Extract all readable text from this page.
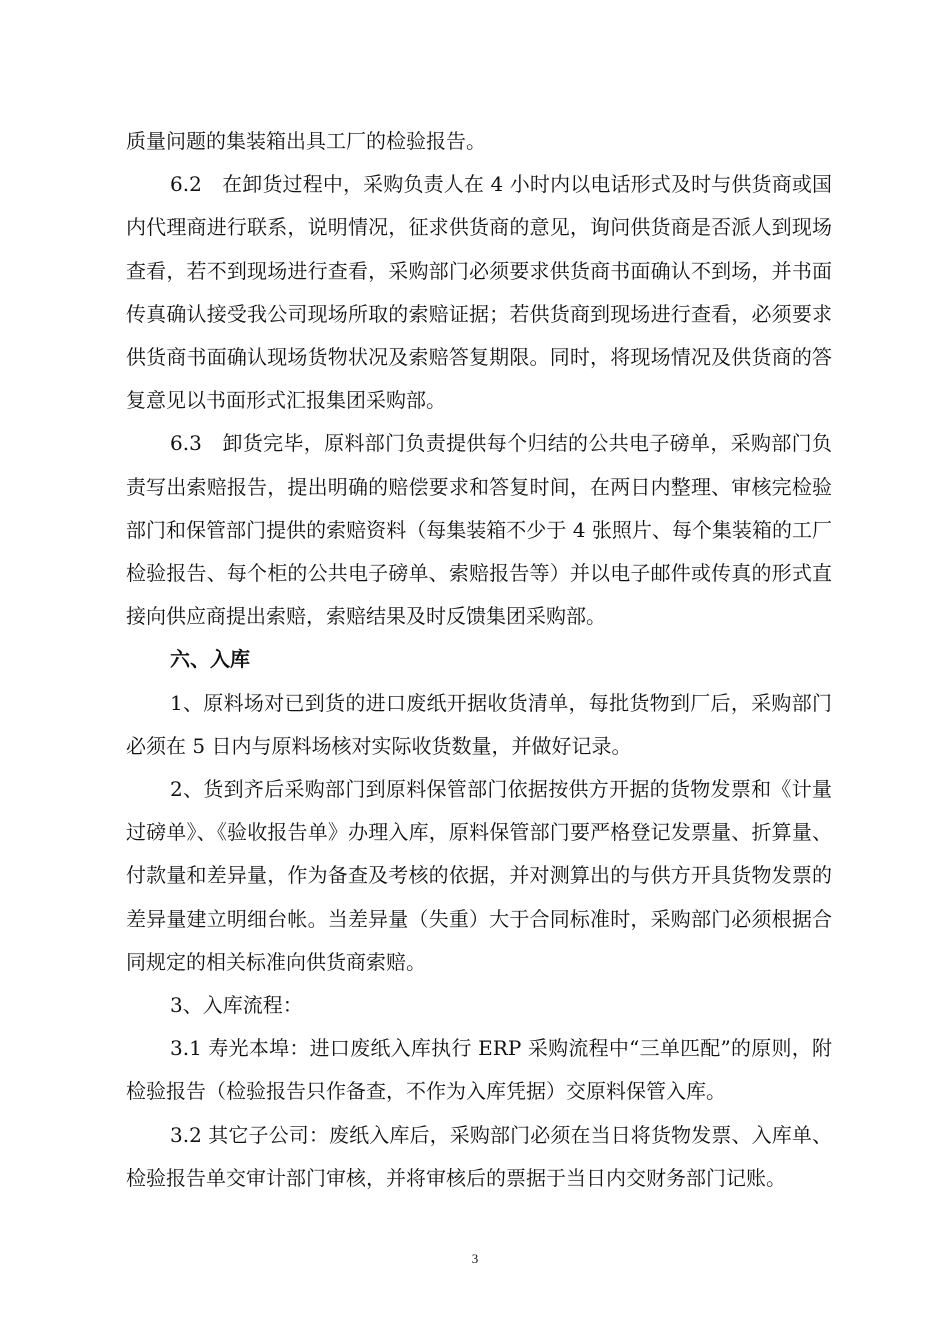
质量问题的集装箱出具工厂的检验报告。

6.2　在卸货过程中，采购负责人在 4 小时内以电话形式及时与供货商或国内代理商进行联系，说明情况，征求供货商的意见，询问供货商是否派人到现场查看，若不到现场进行查看，采购部门必须要求供货商书面确认不到场，并书面传真确认接受我公司现场所取的索赔证据；若供货商到现场进行查看，必须要求供货商书面确认现场货物状况及索赔答复期限。同时，将现场情况及供货商的答复意见以书面形式汇报集团采购部。

6.3　卸货完毕，原料部门负责提供每个归结的公共电子磅单，采购部门负责写出索赔报告，提出明确的赔偿要求和答复时间，在两日内整理、审核完检验部门和保管部门提供的索赔资料（每集装箱不少于 4 张照片、每个集装箱的工厂检验报告、每个柜的公共电子磅单、索赔报告等）并以电子邮件或传真的形式直接向供应商提出索赔，索赔结果及时反馈集团采购部。

六、入库

1、原料场对已到货的进口废纸开据收货清单，每批货物到厂后，采购部门必须在 5 日内与原料场核对实际收货数量，并做好记录。

2、货到齐后采购部门到原料保管部门依据按供方开据的货物发票和《计量过磅单》、《验收报告单》办理入库，原料保管部门要严格登记发票量、折算量、付款量和差异量，作为备查及考核的依据，并对测算出的与供方开具货物发票的差异量建立明细台帐。当差异量（失重）大于合同标准时，采购部门必须根据合同规定的相关标准向供货商索赔。

3、入库流程：

3.1 寿光本埠：进口废纸入库执行 ERP 采购流程中“三单匹配”的原则，附检验报告（检验报告只作备查，不作为入库凭据）交原料保管入库。

3.2 其它子公司：废纸入库后，采购部门必须在当日将货物发票、入库单、检验报告单交审计部门审核，并将审核后的票据于当日内交财务部门记账。

3
